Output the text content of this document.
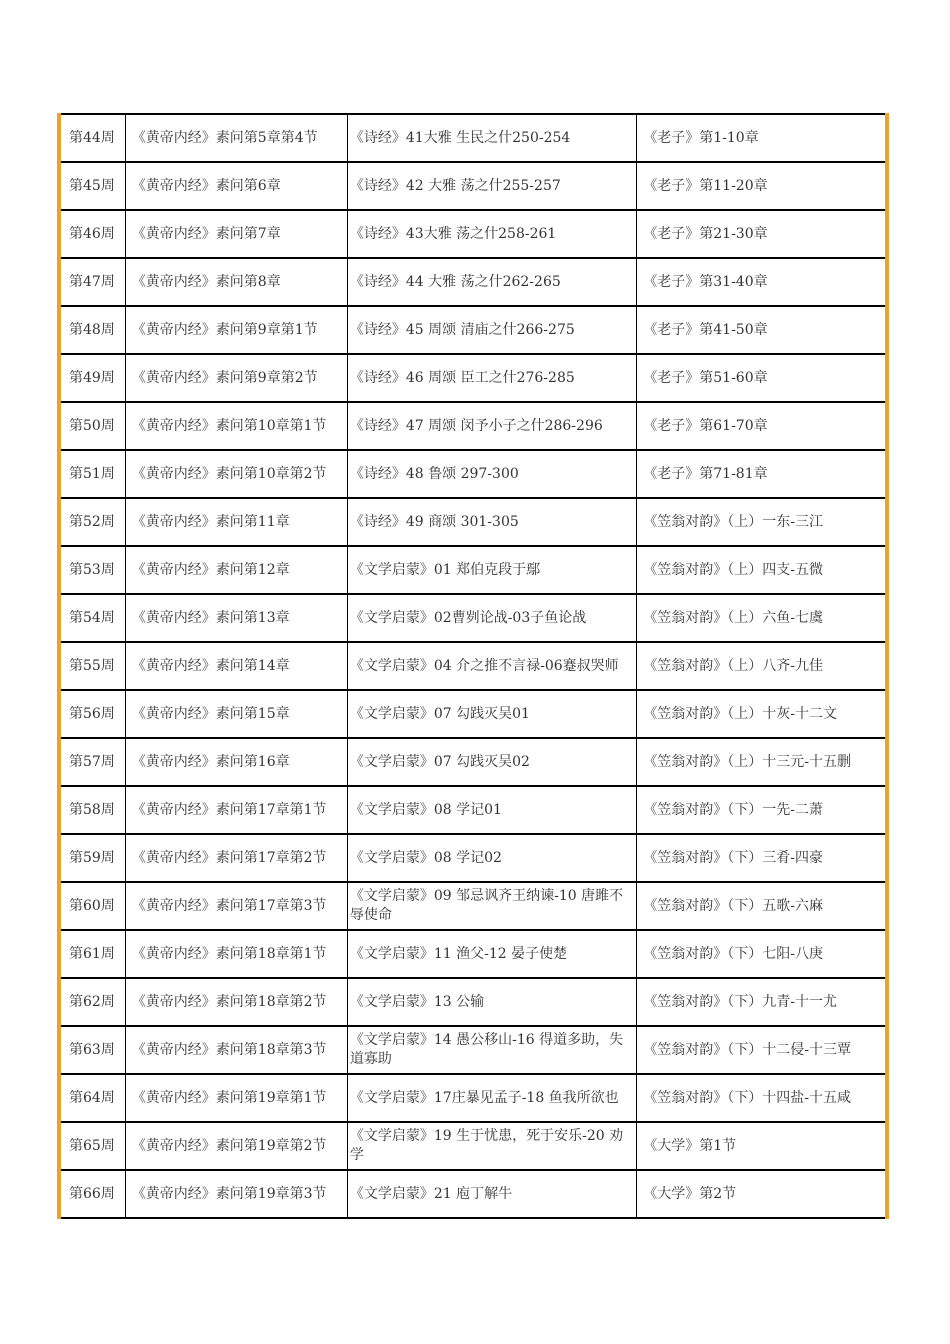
第44周	《黄帝内经》素问第5章第4节	《诗经》41大雅 生民之什250-254	《老子》第1-10章
第45周	《黄帝内经》素问第6章	《诗经》42 大雅 荡之什255-257	《老子》第11-20章
第46周	《黄帝内经》素问第7章	《诗经》43大雅 荡之什258-261	《老子》第21-30章
第47周	《黄帝内经》素问第8章	《诗经》44 大雅 荡之什262-265	《老子》第31-40章
第48周	《黄帝内经》素问第9章第1节	《诗经》45 周颂 清庙之什266-275	《老子》第41-50章
第49周	《黄帝内经》素问第9章第2节	《诗经》46 周颂 臣工之什276-285	《老子》第51-60章
第50周	《黄帝内经》素问第10章第1节	《诗经》47 周颂 闵予小子之什286-296	《老子》第61-70章
第51周	《黄帝内经》素问第10章第2节	《诗经》48 鲁颂 297-300	《老子》第71-81章
第52周	《黄帝内经》素问第11章	《诗经》49 商颂 301-305	《笠翁对韵》（上）一东-三江
第53周	《黄帝内经》素问第12章	《文学启蒙》01 郑伯克段于鄢	《笠翁对韵》（上）四支-五微
第54周	《黄帝内经》素问第13章	《文学启蒙》02曹刿论战-03子鱼论战	《笠翁对韵》（上）六鱼-七虞
第55周	《黄帝内经》素问第14章	《文学启蒙》04 介之推不言禄-06蹇叔哭师	《笠翁对韵》（上）八齐-九佳
第56周	《黄帝内经》素问第15章	《文学启蒙》07 勾践灭吴01	《笠翁对韵》（上）十灰-十二文
第57周	《黄帝内经》素问第16章	《文学启蒙》07 勾践灭吴02	《笠翁对韵》（上）十三元-十五删
第58周	《黄帝内经》素问第17章第1节	《文学启蒙》08 学记01	《笠翁对韵》（下）一先-二萧
第59周	《黄帝内经》素问第17章第2节	《文学启蒙》08 学记02	《笠翁对韵》（下）三肴-四豪
第60周	《黄帝内经》素问第17章第3节	《文学启蒙》09 邹忌讽齐王纳谏-10 唐雎不辱使命	《笠翁对韵》（下）五歌-六麻
第61周	《黄帝内经》素问第18章第1节	《文学启蒙》11 渔父-12 晏子使楚	《笠翁对韵》（下）七阳-八庚
第62周	《黄帝内经》素问第18章第2节	《文学启蒙》13 公输	《笠翁对韵》（下）九青-十一尤
第63周	《黄帝内经》素问第18章第3节	《文学启蒙》14 愚公移山-16 得道多助，失道寡助	《笠翁对韵》（下）十二侵-十三覃
第64周	《黄帝内经》素问第19章第1节	《文学启蒙》17庄暴见孟子-18 鱼我所欲也	《笠翁对韵》（下）十四盐-十五咸
第65周	《黄帝内经》素问第19章第2节	《文学启蒙》19 生于忧患，死于安乐-20 劝学	《大学》第1节
第66周	《黄帝内经》素问第19章第3节	《文学启蒙》21 庖丁解牛	《大学》第2节
